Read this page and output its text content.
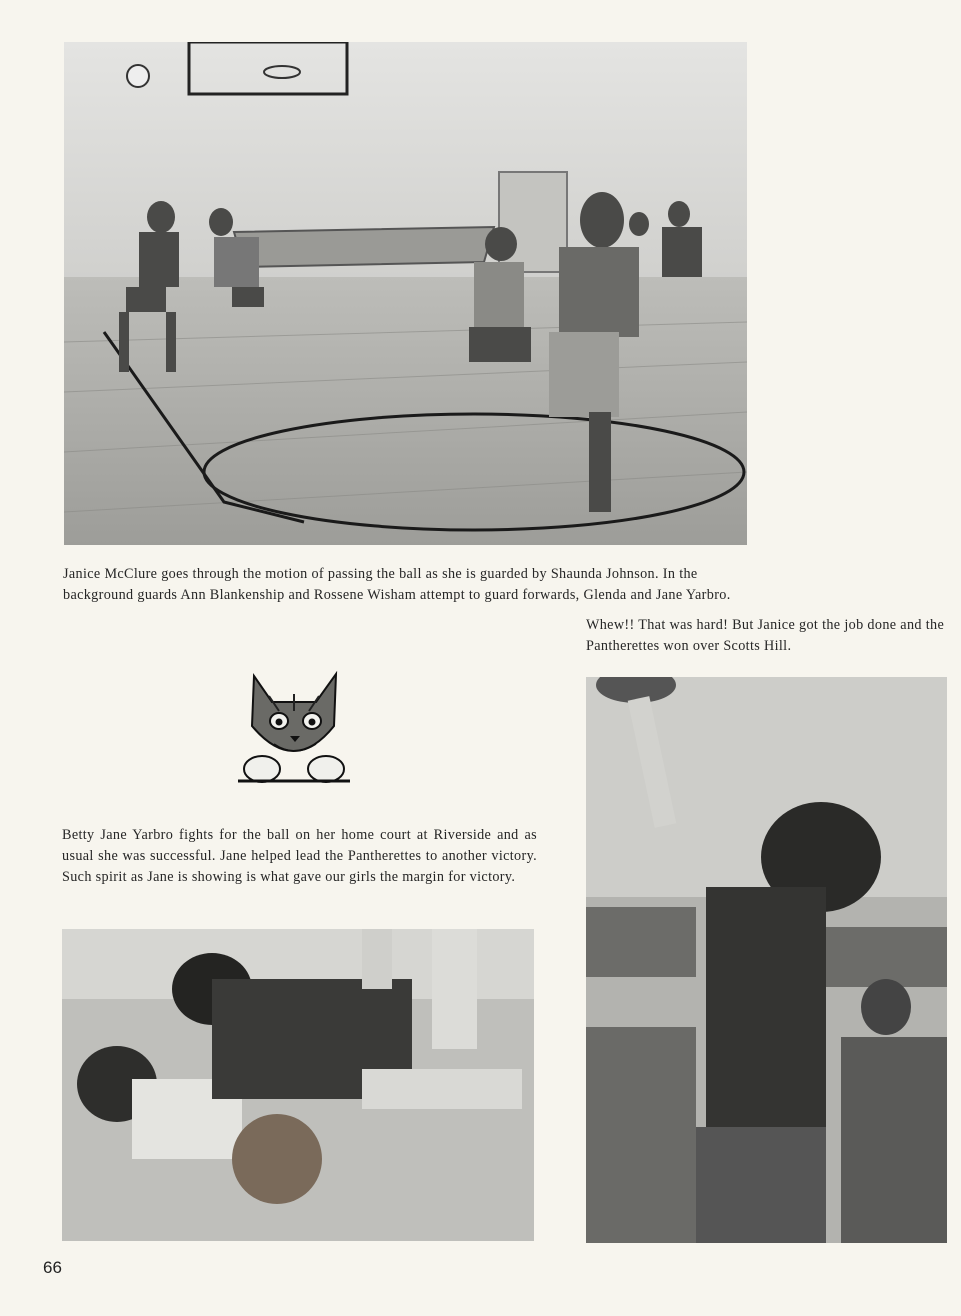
Janice McClure goes through the motion of passing the ball as she is guarded by Shaunda Johnson. In the background guards Ann Blankenship and Rossene Wisham attempt to guard forwards, Glenda and Jane Yarbro.
Whew!! That was hard! But Janice got the job done and the Pantherettes won over Scotts Hill.
Betty Jane Yarbro fights for the ball on her home court at Riverside and as usual she was successful. Jane helped lead the Pantherettes to another victory. Such spirit as Jane is showing is what gave our girls the margin for victory.
66
